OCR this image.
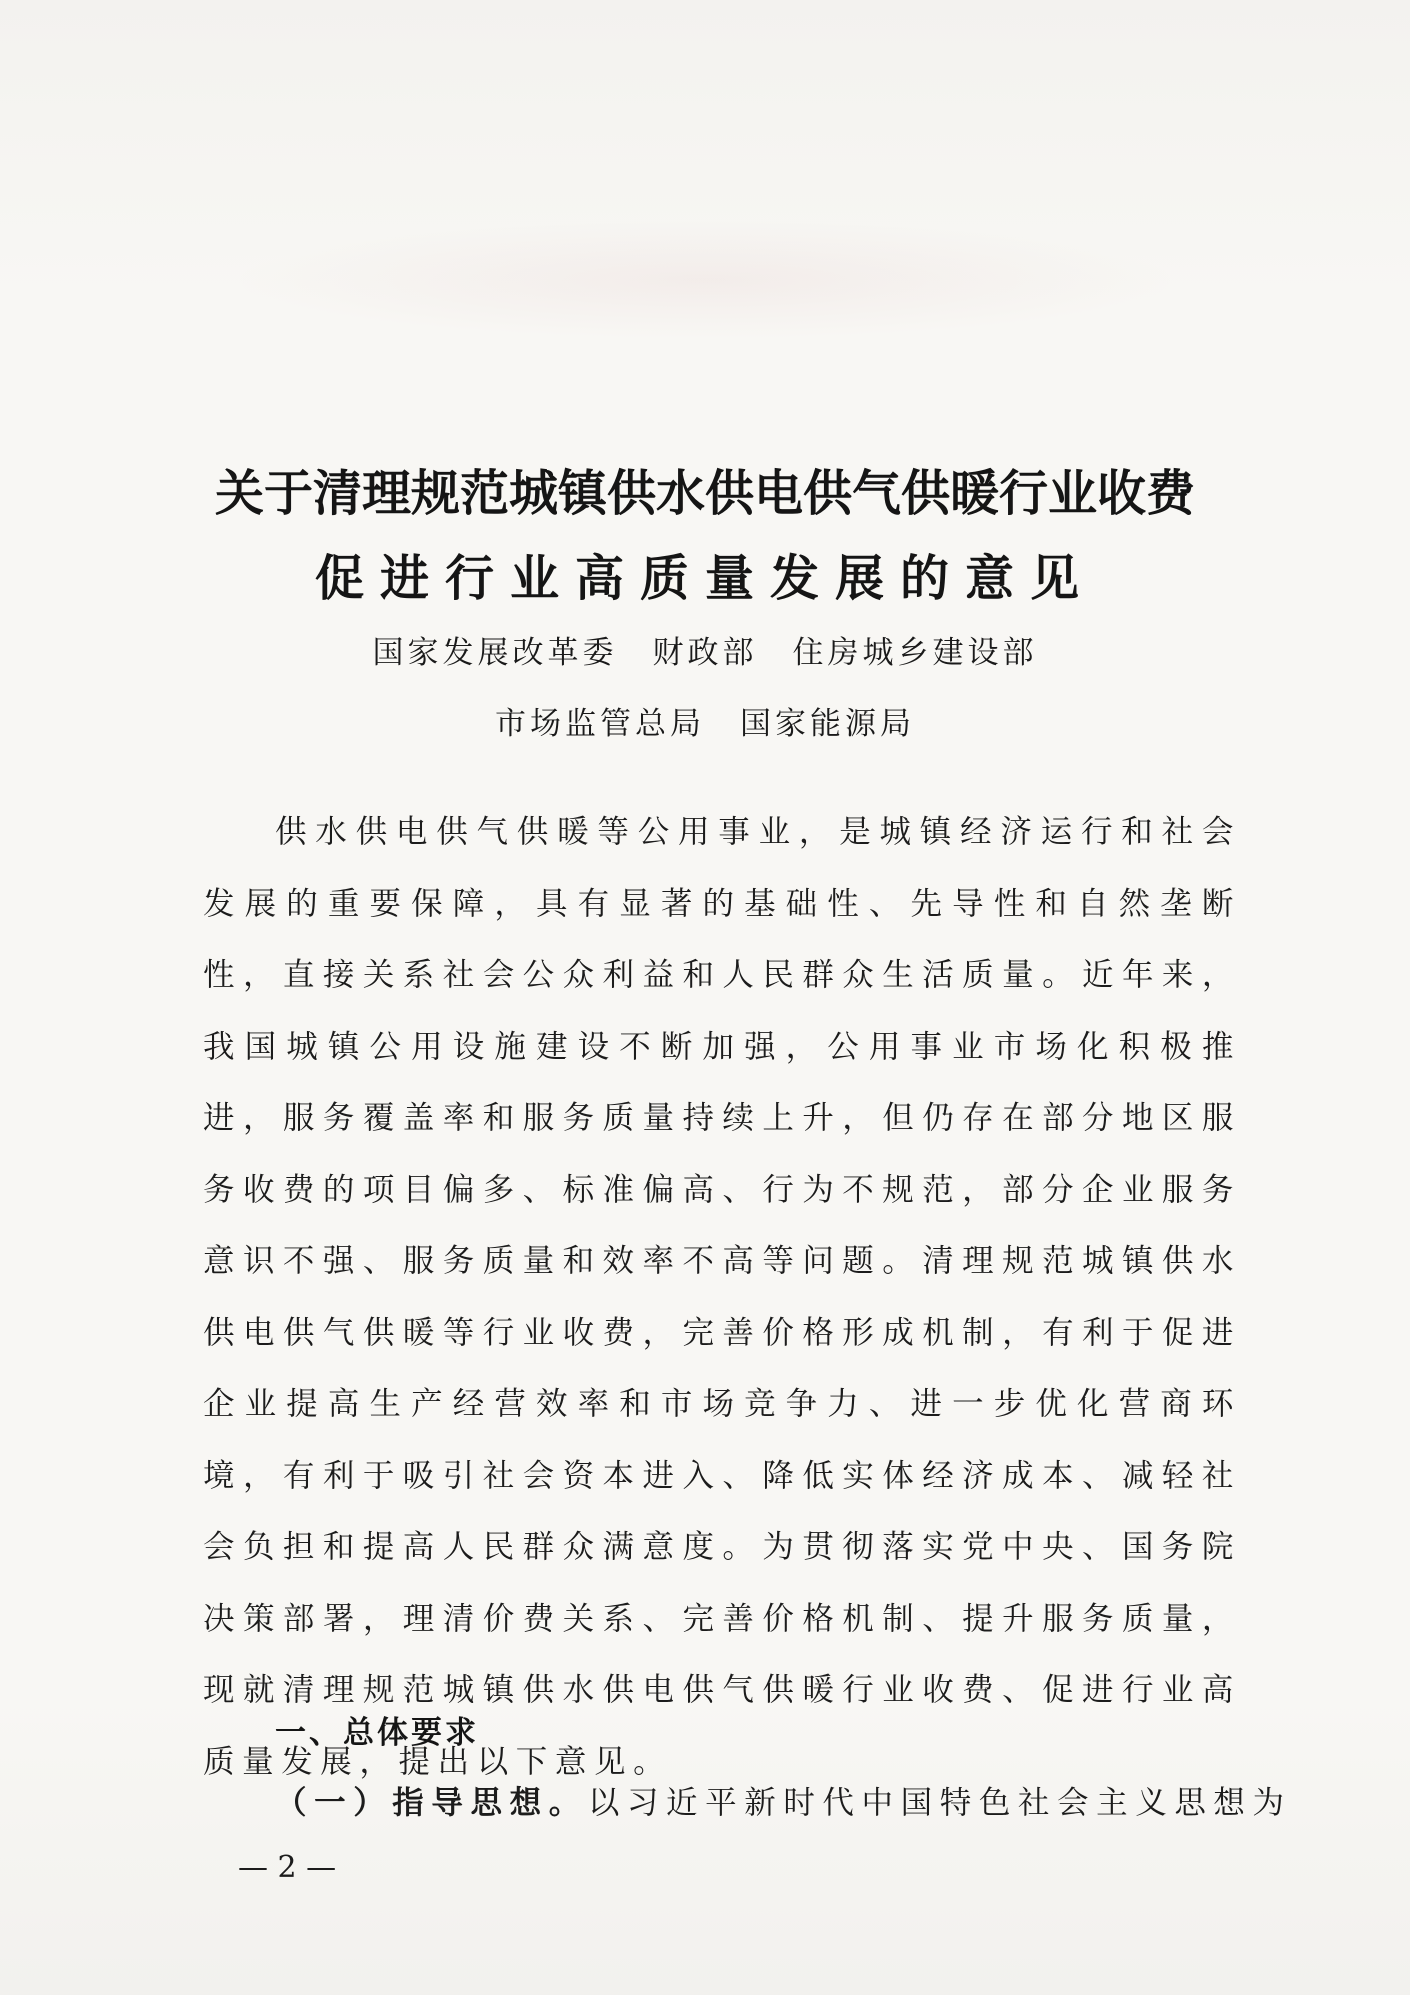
关于清理规范城镇供水供电供气供暖行业收费
促进行业高质量发展的意见
国家发展改革委　财政部　住房城乡建设部
市场监管总局　国家能源局

供水供电供气供暖等公用事业，是城镇经济运行和社会发展的重要保障，具有显著的基础性、先导性和自然垄断性，直接关系社会公众利益和人民群众生活质量。近年来，我国城镇公用设施建设不断加强，公用事业市场化积极推进，服务覆盖率和服务质量持续上升，但仍存在部分地区服务收费的项目偏多、标准偏高、行为不规范，部分企业服务意识不强、服务质量和效率不高等问题。清理规范城镇供水供电供气供暖等行业收费，完善价格形成机制，有利于促进企业提高生产经营效率和市场竞争力、进一步优化营商环境，有利于吸引社会资本进入、降低实体经济成本、减轻社会负担和提高人民群众满意度。为贯彻落实党中央、国务院决策部署，理清价费关系、完善价格机制、提升服务质量，现就清理规范城镇供水供电供气供暖行业收费、促进行业高质量发展，提出以下意见。

一、总体要求

（一）指导思想。以习近平新时代中国特色社会主义思想为

— 2 —
